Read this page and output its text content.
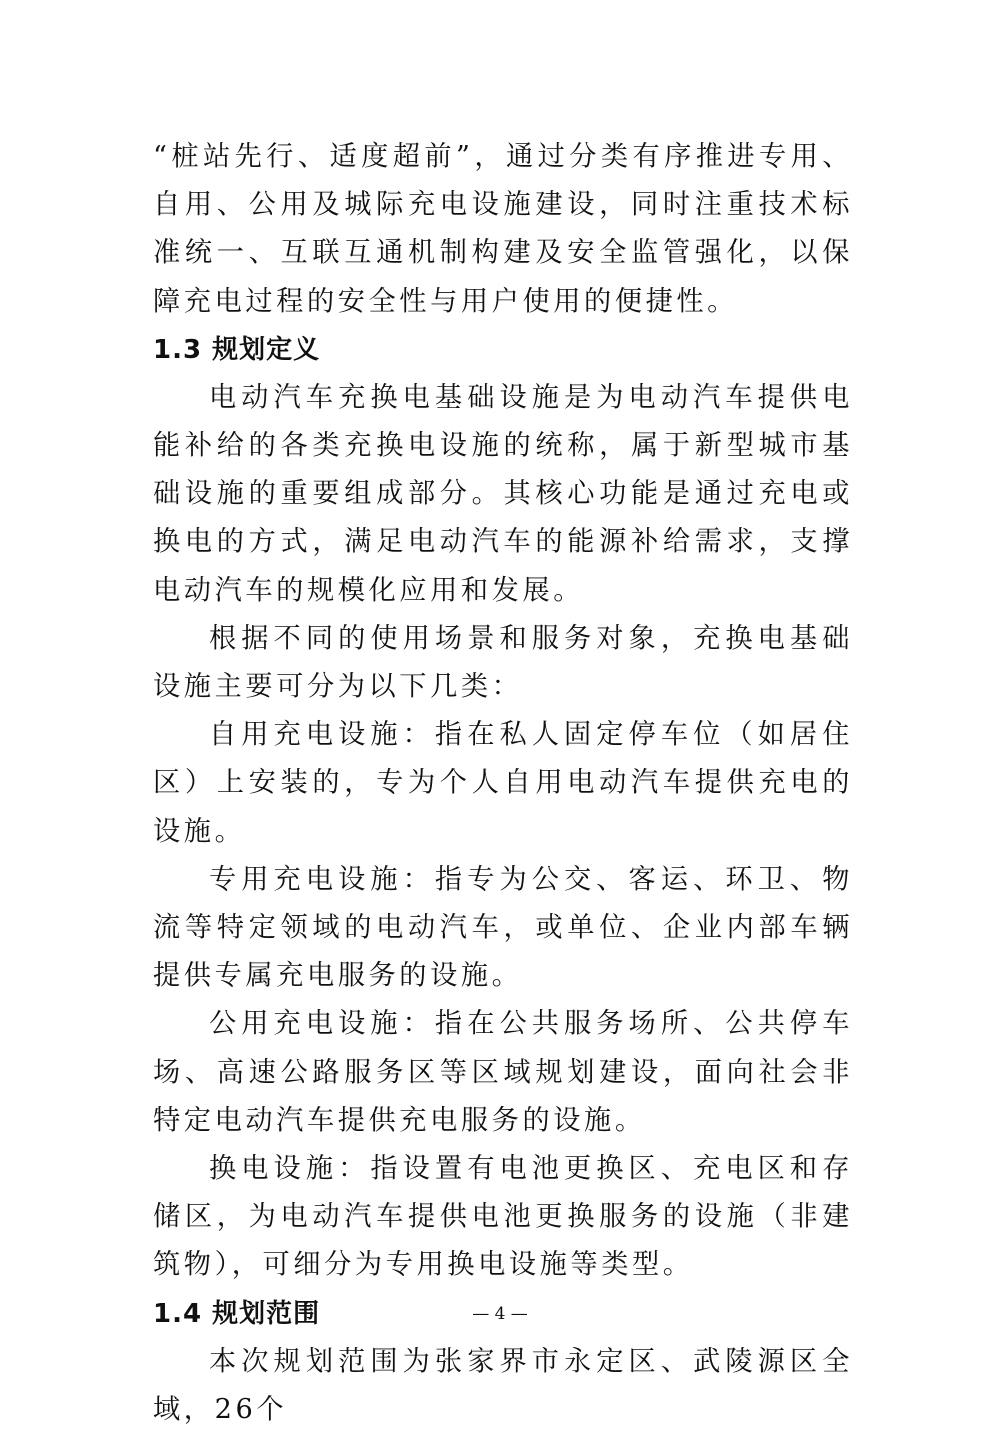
“桩站先行、适度超前”，通过分类有序推进专用、自用、公用及城际充电设施建设，同时注重技术标准统一、互联互通机制构建及安全监管强化，以保障充电过程的安全性与用户使用的便捷性。

1.3 规划定义

电动汽车充换电基础设施是为电动汽车提供电能补给的各类充换电设施的统称，属于新型城市基础设施的重要组成部分。其核心功能是通过充电或换电的方式，满足电动汽车的能源补给需求，支撑电动汽车的规模化应用和发展。

根据不同的使用场景和服务对象，充换电基础设施主要可分为以下几类：

自用充电设施：指在私人固定停车位（如居住区）上安装的，专为个人自用电动汽车提供充电的设施。

专用充电设施：指专为公交、客运、环卫、物流等特定领域的电动汽车，或单位、企业内部车辆提供专属充电服务的设施。

公用充电设施：指在公共服务场所、公共停车场、高速公路服务区等区域规划建设，面向社会非特定电动汽车提供充电服务的设施。

换电设施：指设置有电池更换区、充电区和存储区，为电动汽车提供电池更换服务的设施（非建筑物），可细分为专用换电设施等类型。

1.4 规划范围

本次规划范围为张家界市永定区、武陵源区全域，26个

— 4 —
